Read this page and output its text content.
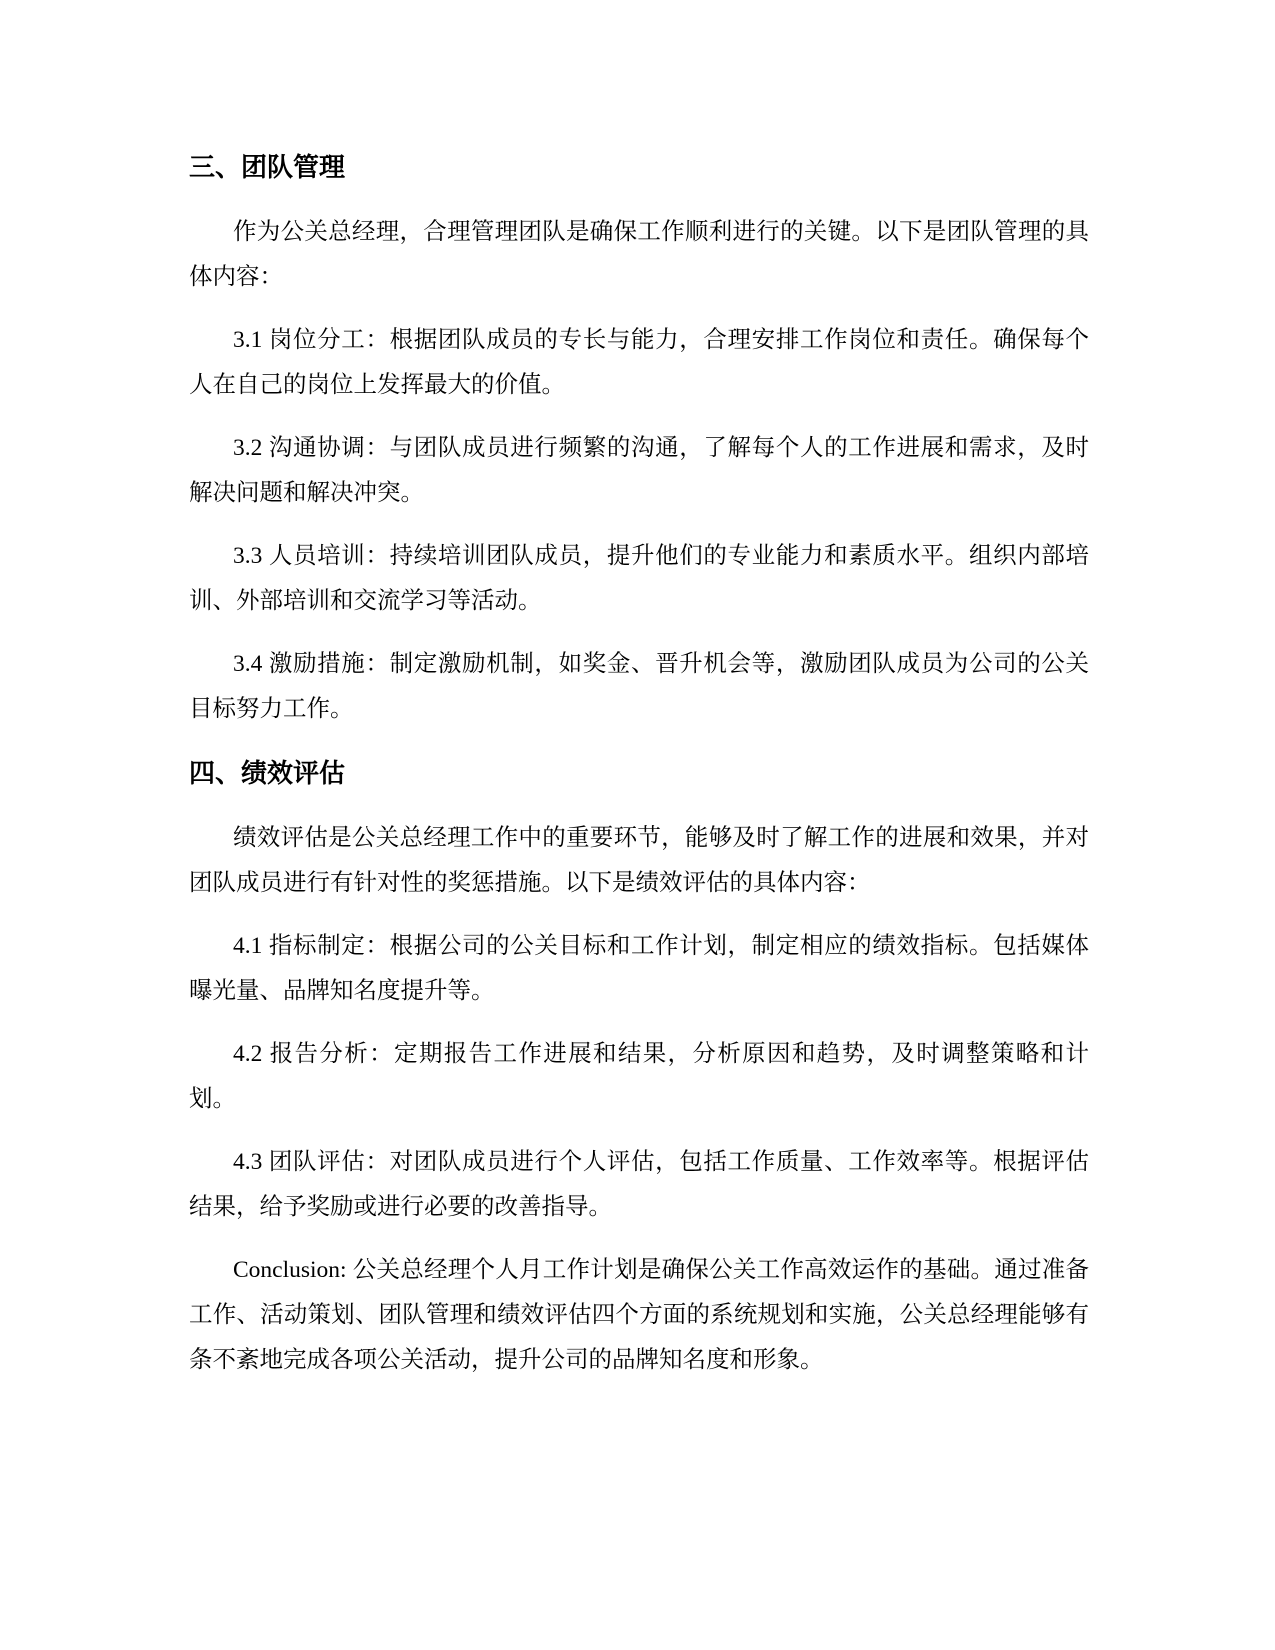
三、团队管理

作为公关总经理，合理管理团队是确保工作顺利进行的关键。以下是团队管理的具体内容：

3.1 岗位分工：根据团队成员的专长与能力，合理安排工作岗位和责任。确保每个人在自己的岗位上发挥最大的价值。

3.2 沟通协调：与团队成员进行频繁的沟通，了解每个人的工作进展和需求，及时解决问题和解决冲突。

3.3 人员培训：持续培训团队成员，提升他们的专业能力和素质水平。组织内部培训、外部培训和交流学习等活动。

3.4 激励措施：制定激励机制，如奖金、晋升机会等，激励团队成员为公司的公关目标努力工作。

四、绩效评估

绩效评估是公关总经理工作中的重要环节，能够及时了解工作的进展和效果，并对团队成员进行有针对性的奖惩措施。以下是绩效评估的具体内容：

4.1 指标制定：根据公司的公关目标和工作计划，制定相应的绩效指标。包括媒体曝光量、品牌知名度提升等。

4.2 报告分析：定期报告工作进展和结果，分析原因和趋势，及时调整策略和计划。

4.3 团队评估：对团队成员进行个人评估，包括工作质量、工作效率等。根据评估结果，给予奖励或进行必要的改善指导。

Conclusion: 公关总经理个人月工作计划是确保公关工作高效运作的基础。通过准备工作、活动策划、团队管理和绩效评估四个方面的系统规划和实施，公关总经理能够有条不紊地完成各项公关活动，提升公司的品牌知名度和形象。
